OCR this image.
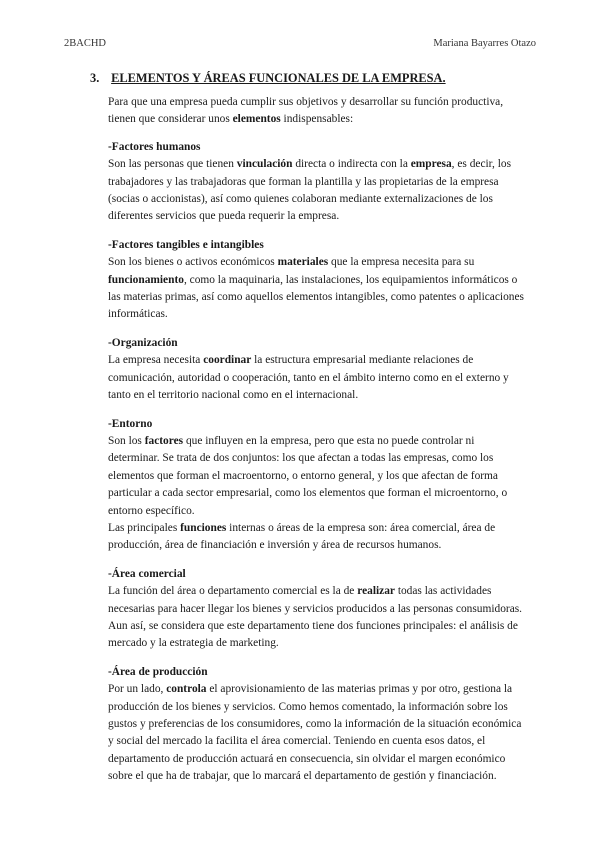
2BACHD	Mariana Bayarres Otazo
3. ELEMENTOS Y ÁREAS FUNCIONALES DE LA EMPRESA.

Para que una empresa pueda cumplir sus objetivos y desarrollar su función productiva, tienen que considerar unos elementos indispensables:

-Factores humanos

Son las personas que tienen vinculación directa o indirecta con la empresa, es decir, los trabajadores y las trabajadoras que forman la plantilla y las propietarias de la empresa (socias o accionistas), así como quienes colaboran mediante externalizaciones de los diferentes servicios que pueda requerir la empresa.

-Factores tangibles e intangibles

Son los bienes o activos económicos materiales que la empresa necesita para su funcionamiento, como la maquinaria, las instalaciones, los equipamientos informáticos o las materias primas, así como aquellos elementos intangibles, como patentes o aplicaciones informáticas.

-Organización

La empresa necesita coordinar la estructura empresarial mediante relaciones de comunicación, autoridad o cooperación, tanto en el ámbito interno como en el externo y tanto en el territorio nacional como en el internacional.

-Entorno

Son los factores que influyen en la empresa, pero que esta no puede controlar ni determinar. Se trata de dos conjuntos: los que afectan a todas las empresas, como los elementos que forman el macroentorno, o entorno general, y los que afectan de forma particular a cada sector empresarial, como los elementos que forman el microentorno, o entorno específico.

Las principales funciones internas o áreas de la empresa son: área comercial, área de producción, área de financiación e inversión y área de recursos humanos.

-Área comercial

La función del área o departamento comercial es la de realizar todas las actividades necesarias para hacer llegar los bienes y servicios producidos a las personas consumidoras. Aun así, se considera que este departamento tiene dos funciones principales: el análisis de mercado y la estrategia de marketing.

-Área de producción

Por un lado, controla el aprovisionamiento de las materias primas y por otro, gestiona la producción de los bienes y servicios. Como hemos comentado, la información sobre los gustos y preferencias de los consumidores, como la información de la situación económica y social del mercado la facilita el área comercial. Teniendo en cuenta esos datos, el departamento de producción actuará en consecuencia, sin olvidar el margen económico sobre el que ha de trabajar, que lo marcará el departamento de gestión y financiación.
